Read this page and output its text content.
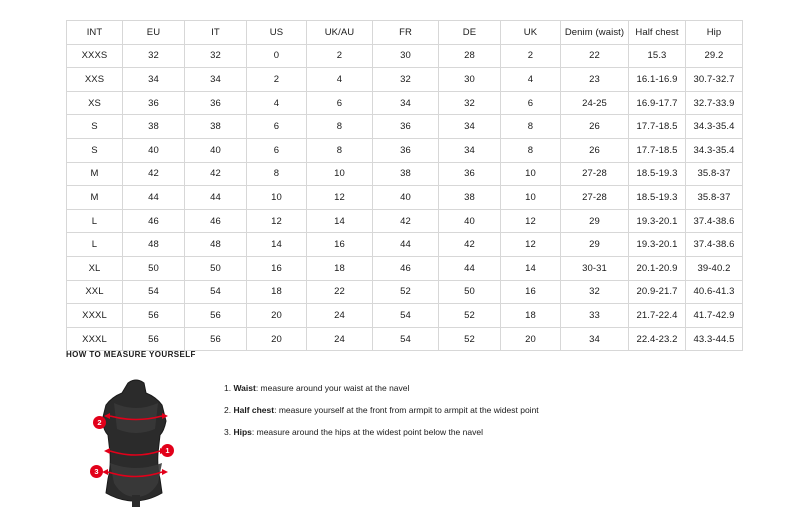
INT	EU	IT	US	UK/AU	FR	DE	UK	Denim (waist)	Half chest	Hip
XXXS	32	32	0	2	30	28	2	22	15.3	29.2
XXS	34	34	2	4	32	30	4	23	16.1-16.9	30.7-32.7
XS	36	36	4	6	34	32	6	24-25	16.9-17.7	32.7-33.9
S	38	38	6	8	36	34	8	26	17.7-18.5	34.3-35.4
S	40	40	6	8	36	34	8	26	17.7-18.5	34.3-35.4
M	42	42	8	10	38	36	10	27-28	18.5-19.3	35.8-37
M	44	44	10	12	40	38	10	27-28	18.5-19.3	35.8-37
L	46	46	12	14	42	40	12	29	19.3-20.1	37.4-38.6
L	48	48	14	16	44	42	12	29	19.3-20.1	37.4-38.6
XL	50	50	16	18	46	44	14	30-31	20.1-20.9	39-40.2
XXL	54	54	18	22	52	50	16	32	20.9-21.7	40.6-41.3
XXXL	56	56	20	24	54	52	18	33	21.7-22.4	41.7-42.9
XXXL	56	56	20	24	54	52	20	34	22.4-23.2	43.3-44.5
HOW TO MEASURE YOURSELF
1
2
3

1. Waist: measure around your waist at the navel

2. Half chest: measure yourself at the front from armpit to armpit at the widest point

3. Hips: measure around the hips at the widest point below the navel
